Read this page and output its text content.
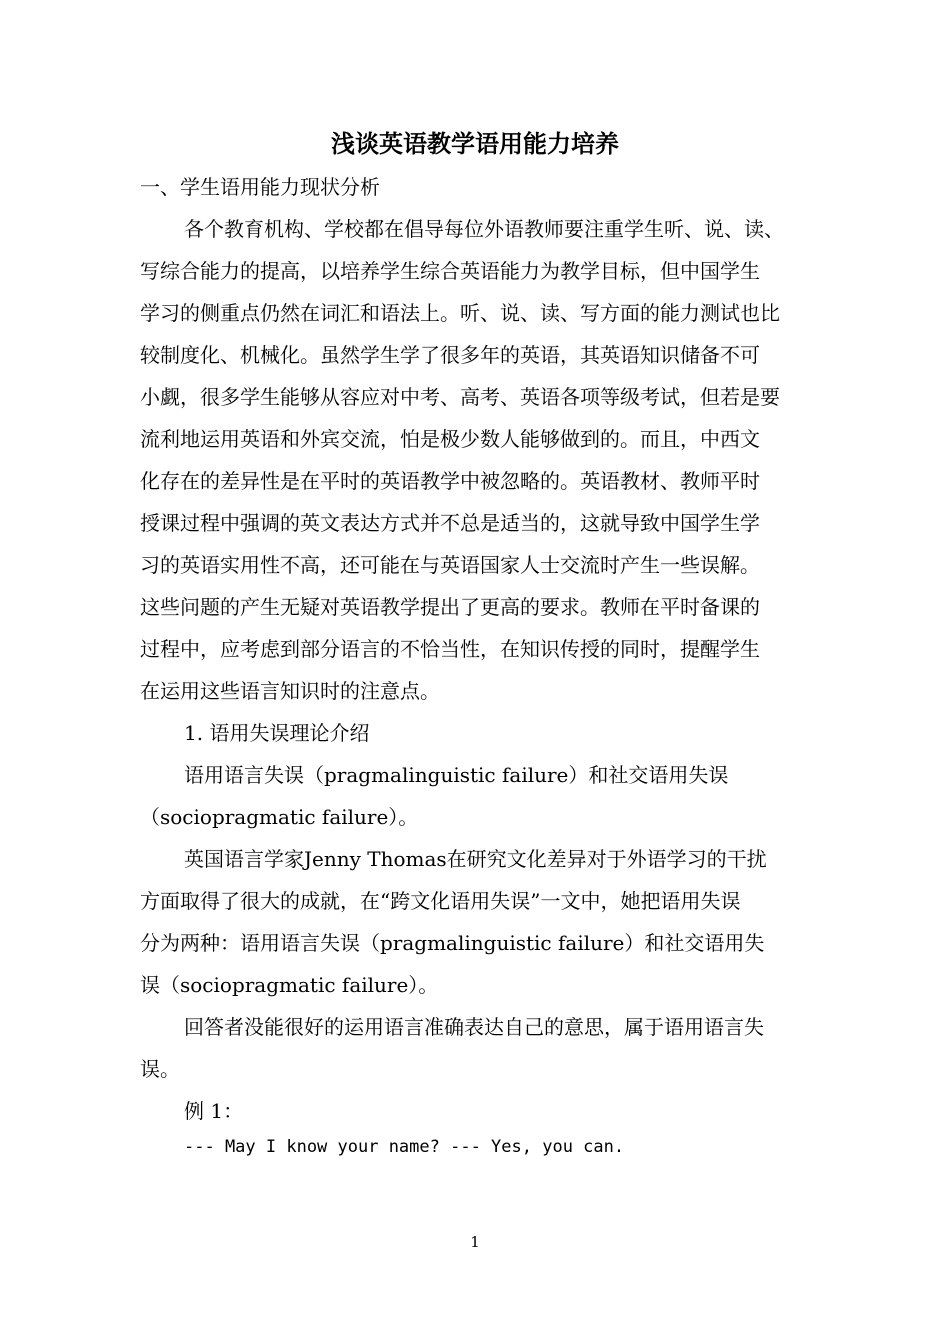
浅谈英语教学语用能力培养
一、学生语用能力现状分析
各个教育机构、学校都在倡导每位外语教师要注重学生听、说、读、
写综合能力的提高，以培养学生综合英语能力为教学目标，但中国学生
学习的侧重点仍然在词汇和语法上。听、说、读、写方面的能力测试也比
较制度化、机械化。虽然学生学了很多年的英语，其英语知识储备不可
小觑，很多学生能够从容应对中考、高考、英语各项等级考试，但若是要
流利地运用英语和外宾交流，怕是极少数人能够做到的。而且，中西文
化存在的差异性是在平时的英语教学中被忽略的。英语教材、教师平时
授课过程中强调的英文表达方式并不总是适当的，这就导致中国学生学
习的英语实用性不高，还可能在与英语国家人士交流时产生一些误解。
这些问题的产生无疑对英语教学提出了更高的要求。教师在平时备课的
过程中，应考虑到部分语言的不恰当性，在知识传授的同时，提醒学生
在运用这些语言知识时的注意点。
1. 语用失误理论介绍
语用语言失误（pragmalinguistic failure）和社交语用失误
（sociopragmatic failure）。
英国语言学家Jenny Thomas在研究文化差异对于外语学习的干扰
方面取得了很大的成就，在“跨文化语用失误”一文中，她把语用失误
分为两种：语用语言失误（pragmalinguistic failure）和社交语用失
误（sociopragmatic failure）。
回答者没能很好的运用语言准确表达自己的意思，属于语用语言失
误。
例 1：
--- May I know your name? --- Yes, you can.
1
